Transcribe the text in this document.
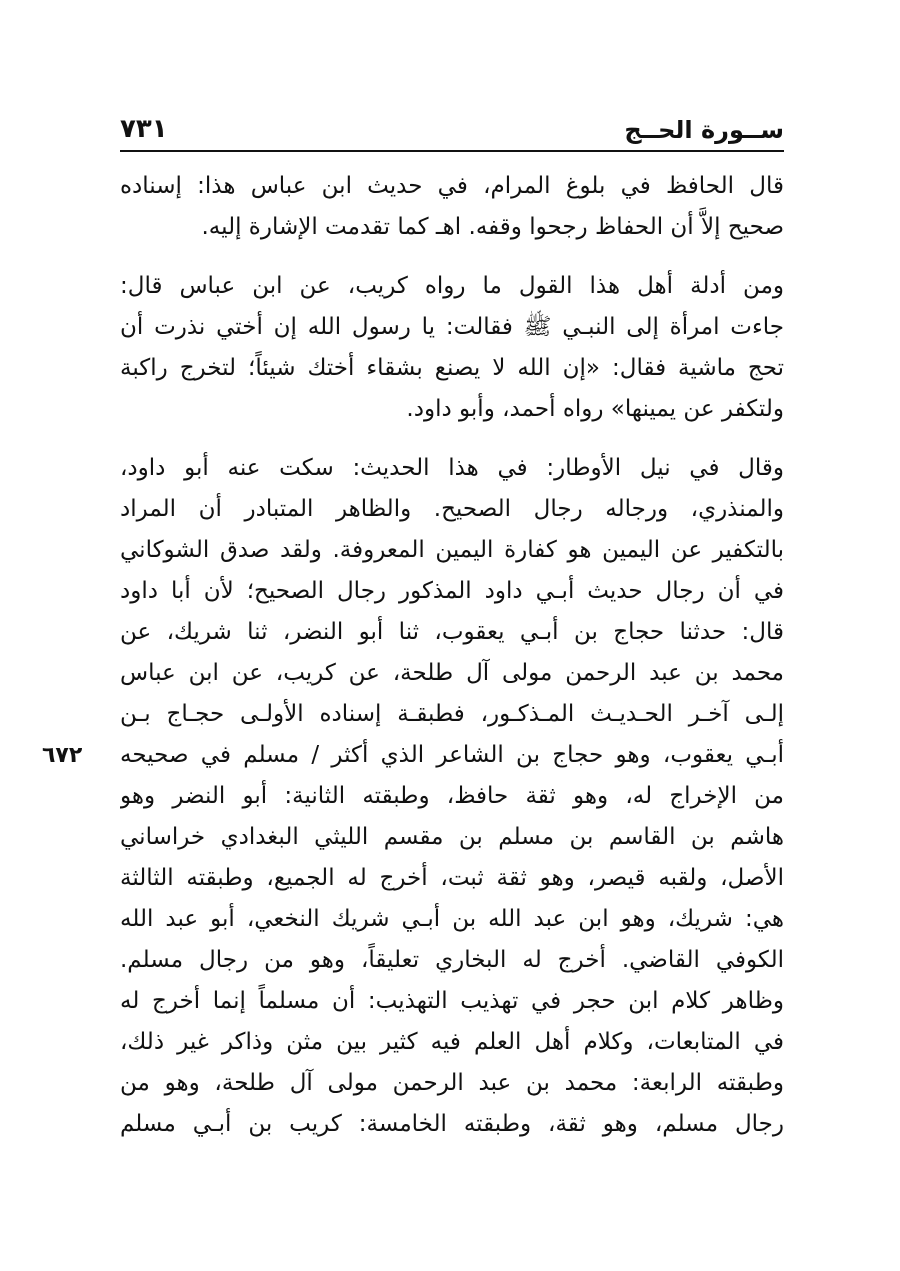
ســورة الحــج
٧٣١
٦٧٢
قال الحافظ في بلوغ المرام، في حديث ابن عباس هذا: إسناده
صحيح إلاَّ أن الحفاظ رجحوا وقفه. اهـ كما تقدمت الإشارة إليه.
ومن أدلة أهل هذا القول ما رواه كريب، عن ابن عباس قال:
جاءت امرأة إلى النبـي ﷺ فقالت: يا رسول الله إن أختي نذرت أن
تحج ماشية فقال: «إن الله لا يصنع بشقاء أختك شيئاً؛ لتخرج راكبة
ولتكفر عن يمينها» رواه أحمد، وأبو داود.
وقال في نيل الأوطار: في هذا الحديث: سكت عنه أبو داود،
والمنذري، ورجاله رجال الصحيح. والظاهر المتبادر أن المراد
بالتكفير عن اليمين هو كفارة اليمين المعروفة. ولقد صدق الشوكاني
في أن رجال حديث أبـي داود المذكور رجال الصحيح؛ لأن أبا داود
قال: حدثنا حجاج بن أبـي يعقوب، ثنا أبو النضر، ثنا شريك، عن
محمد بن عبد الرحمن مولى آل طلحة، عن كريب، عن ابن عباس
إلـى آخـر الحـديـث المـذكـور، فطبقـة إسناده الأولـى حجـاج بـن
أبـي يعقوب، وهو حجاج بن الشاعر الذي أكثر / مسلم في صحيحه
من الإخراج له، وهو ثقة حافظ، وطبقته الثانية: أبو النضر وهو
هاشم بن القاسم بن مسلم بن مقسم الليثي البغدادي خراساني
الأصل، ولقبه قيصر، وهو ثقة ثبت، أخرج له الجميع، وطبقته الثالثة
هي: شريك، وهو ابن عبد الله بن أبـي شريك النخعي، أبو عبد الله
الكوفي القاضي. أخرج له البخاري تعليقاً، وهو من رجال مسلم.
وظاهر كلام ابن حجر في تهذيب التهذيب: أن مسلماً إنما أخرج له
في المتابعات، وكلام أهل العلم فيه كثير بين مثن وذاكر غير ذلك،
وطبقته الرابعة: محمد بن عبد الرحمن مولى آل طلحة، وهو من
رجال مسلم، وهو ثقة، وطبقته الخامسة: كريب بن أبـي مسلم
